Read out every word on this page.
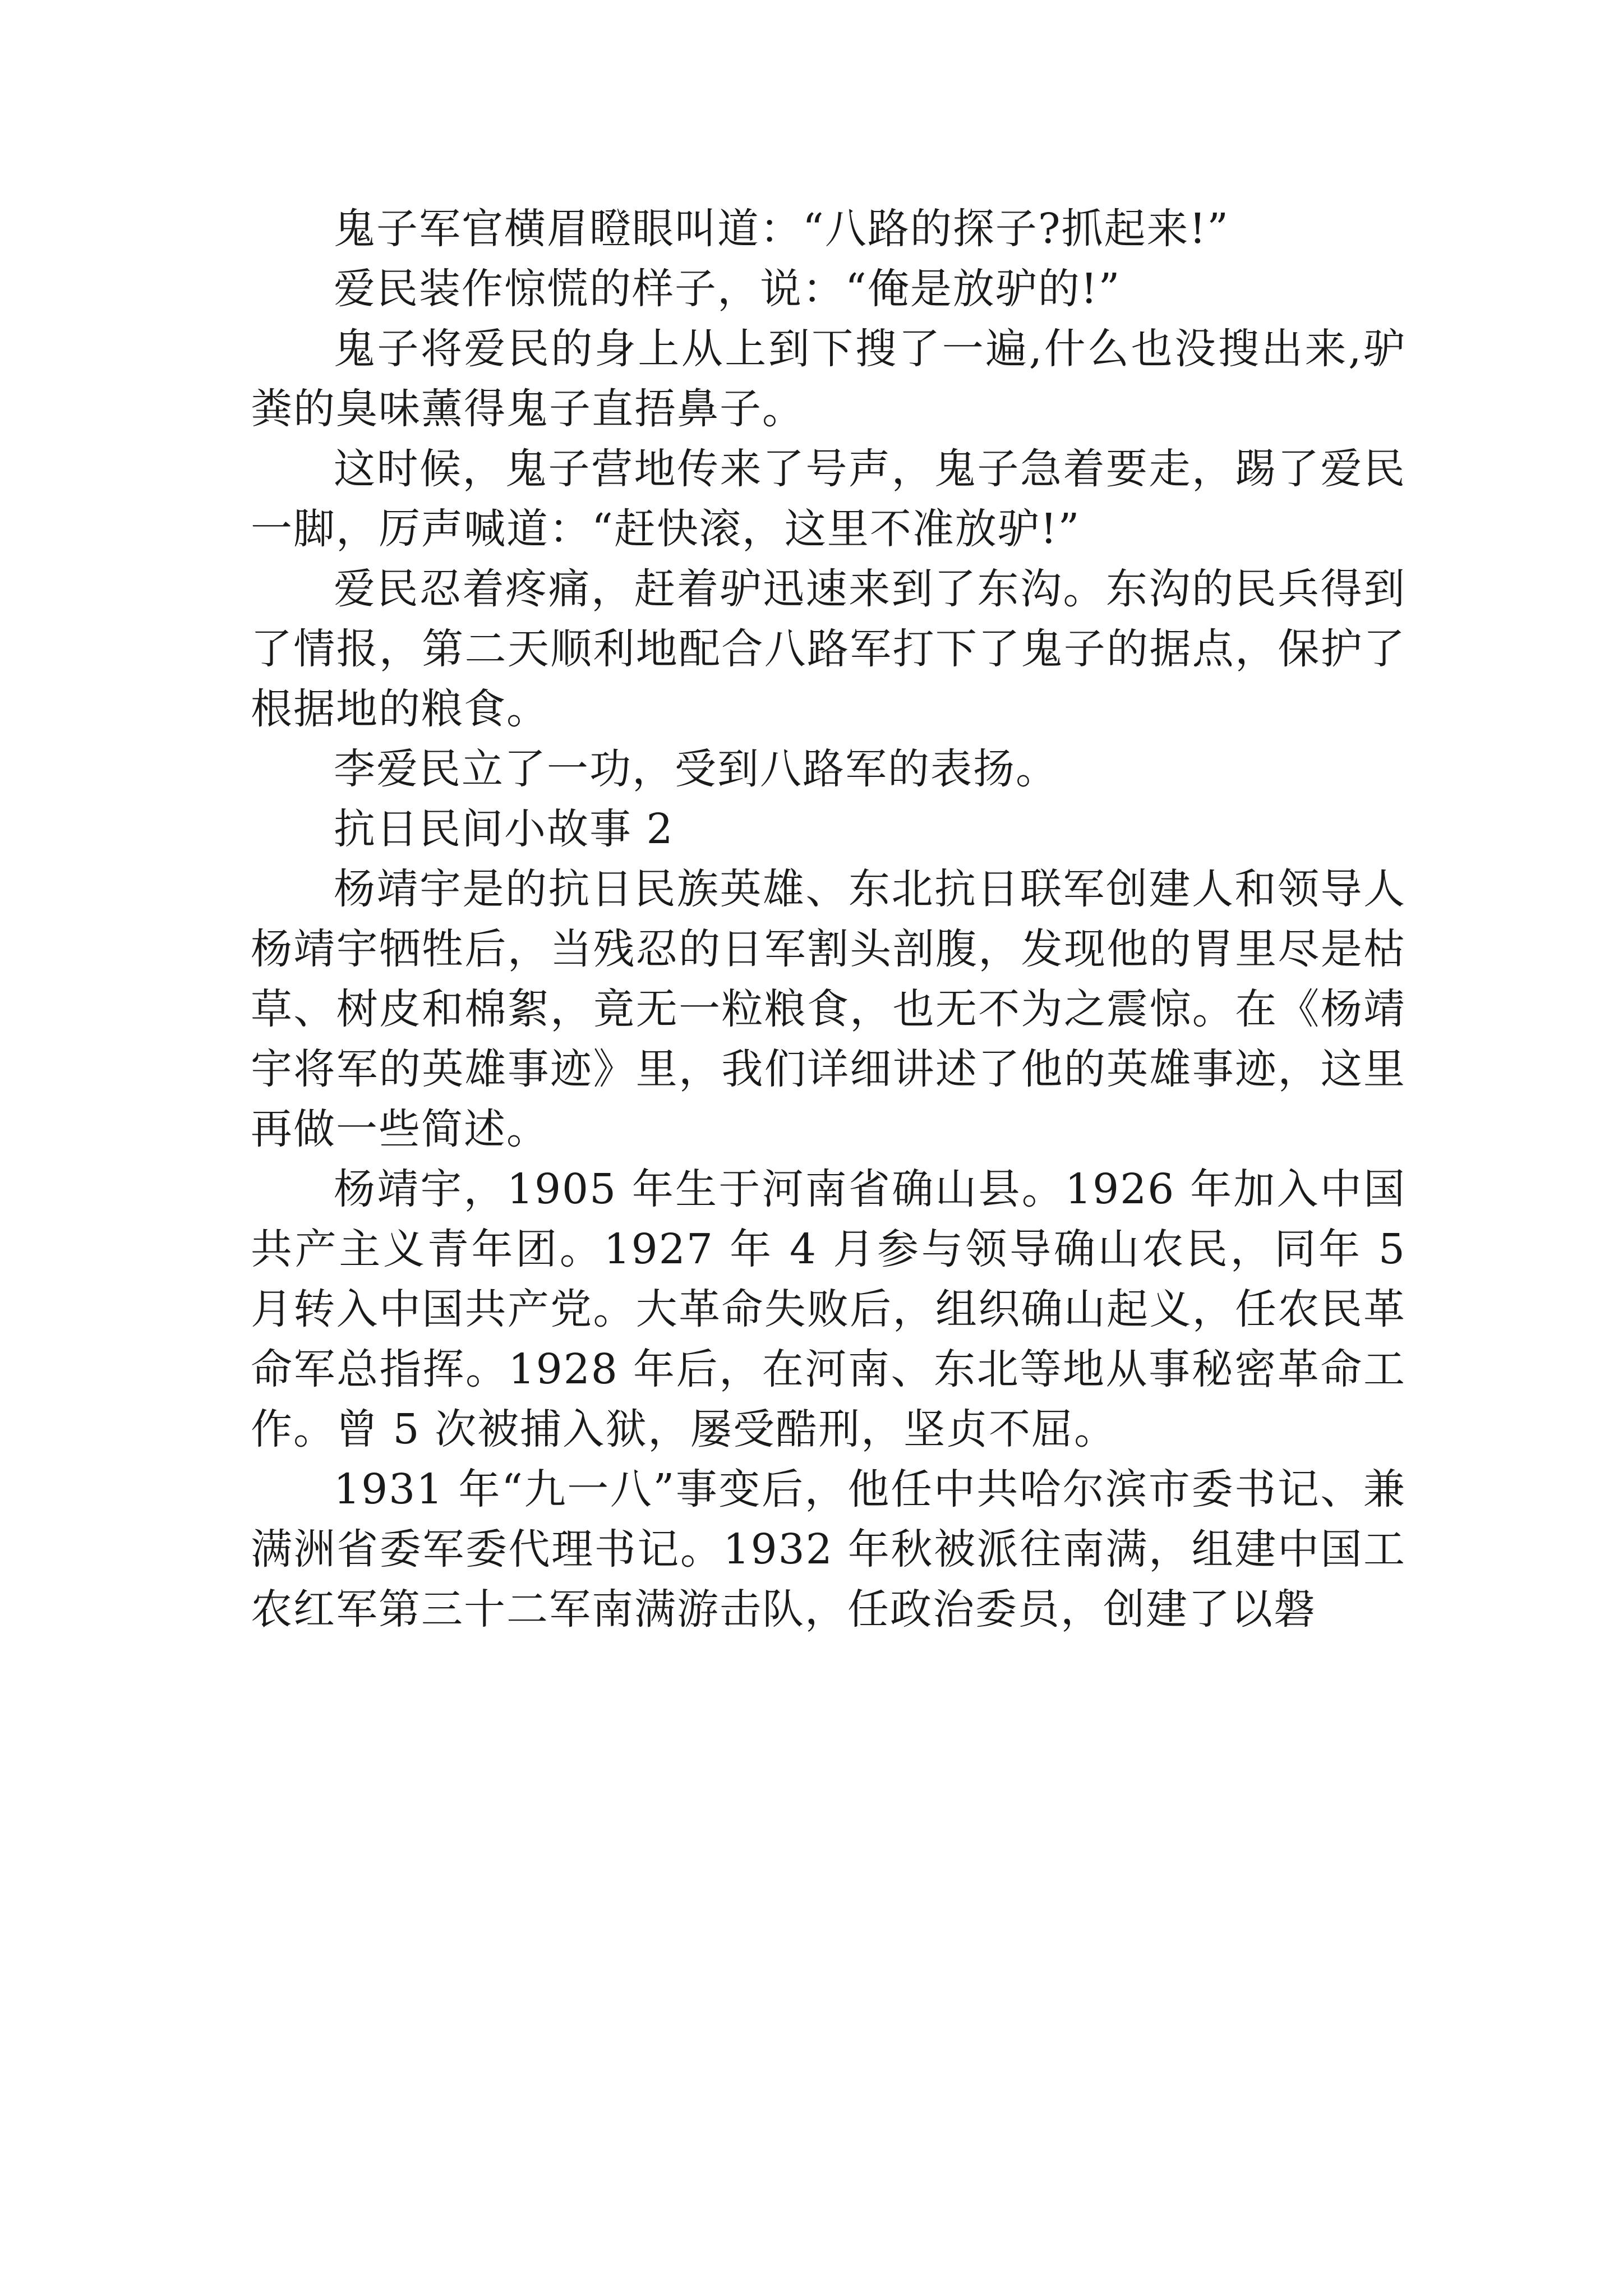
鬼子军官横眉瞪眼叫道：“八路的探子?抓起来!”

爱民装作惊慌的样子，说：“俺是放驴的!”

鬼子将爱民的身上从上到下搜了一遍,什么也没搜出来,驴粪的臭味薰得鬼子直捂鼻子。

这时候，鬼子营地传来了号声，鬼子急着要走，踢了爱民一脚，厉声喊道：“赶快滚，这里不准放驴!”

爱民忍着疼痛，赶着驴迅速来到了东沟。东沟的民兵得到了情报，第二天顺利地配合八路军打下了鬼子的据点，保护了根据地的粮食。

李爱民立了一功，受到八路军的表扬。

抗日民间小故事 2

杨靖宇是的抗日民族英雄、东北抗日联军创建人和领导人杨靖宇牺牲后，当残忍的日军割头剖腹，发现他的胃里尽是枯草、树皮和棉絮，竟无一粒粮食，也无不为之震惊。在《杨靖宇将军的英雄事迹》里，我们详细讲述了他的英雄事迹，这里再做一些简述。

杨靖宇，1905 年生于河南省确山县。1926 年加入中国共产主义青年团。1927 年 4 月参与领导确山农民，同年 5 月转入中国共产党。大革命失败后，组织确山起义，任农民革命军总指挥。1928 年后，在河南、东北等地从事秘密革命工作。曾 5 次被捕入狱，屡受酷刑，坚贞不屈。

1931 年“九一八”事变后，他任中共哈尔滨市委书记、兼满洲省委军委代理书记。1932 年秋被派往南满，组建中国工农红军第三十二军南满游击队，任政治委员，创建了以磐
